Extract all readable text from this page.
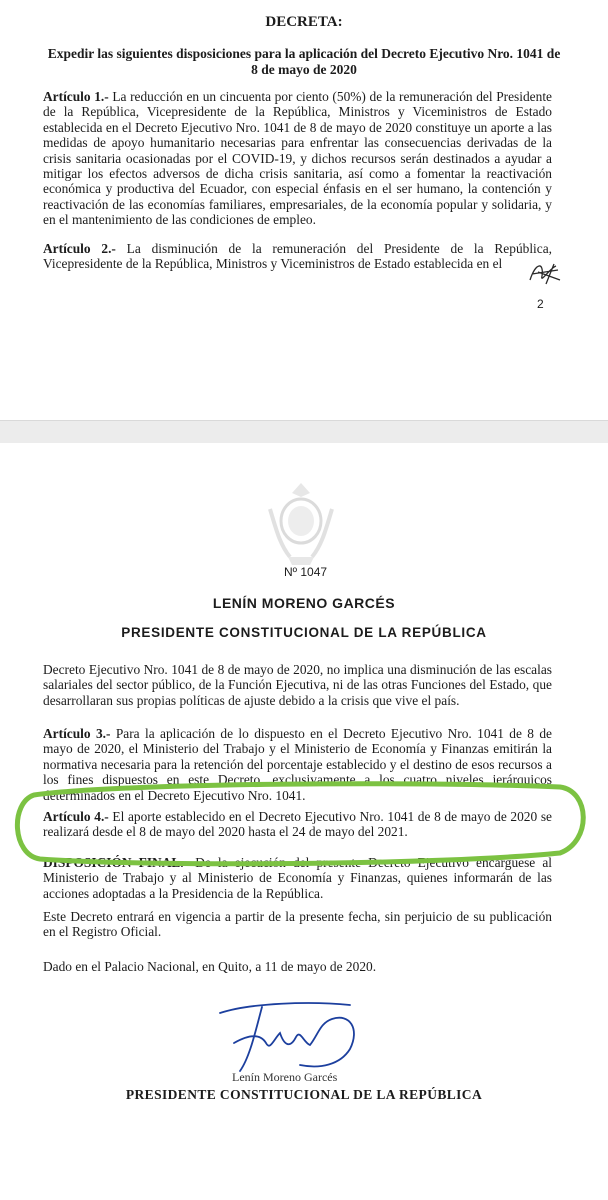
DECRETA:
Expedir las siguientes disposiciones para la aplicación del Decreto Ejecutivo Nro. 1041 de 8 de mayo de 2020
Artículo 1.- La reducción en un cincuenta por ciento (50%) de la remuneración del Presidente de la República, Vicepresidente de la República, Ministros y Viceministros de Estado establecida en el Decreto Ejecutivo Nro. 1041 de 8 de mayo de 2020 constituye un aporte a las medidas de apoyo humanitario necesarias para enfrentar las consecuencias derivadas de la crisis sanitaria ocasionadas por el COVID-19, y dichos recursos serán destinados a ayudar a mitigar los efectos adversos de dicha crisis sanitaria, así como a fomentar la reactivación económica y productiva del Ecuador, con especial énfasis en el ser humano, la contención y reactivación de las economías familiares, empresariales, de la economía popular y solidaria, y en el mantenimiento de las condiciones de empleo.
Artículo 2.- La disminución de la remuneración del Presidente de la República, Vicepresidente de la República, Ministros y Viceministros de Estado establecida en el
2
Nº 1047
LENÍN MORENO GARCÉS
PRESIDENTE CONSTITUCIONAL DE LA REPÚBLICA
Decreto Ejecutivo Nro. 1041 de 8 de mayo de 2020, no implica una disminución de las escalas salariales del sector público, de la Función Ejecutiva, ni de las otras Funciones del Estado, que desarrollaran sus propias políticas de ajuste debido a la crisis que vive el país.
Artículo 3.- Para la aplicación de lo dispuesto en el Decreto Ejecutivo Nro. 1041 de 8 de mayo de 2020, el Ministerio del Trabajo y el Ministerio de Economía y Finanzas emitirán la normativa necesaria para la retención del porcentaje establecido y el destino de esos recursos a los fines dispuestos en este Decreto, exclusivamente a los cuatro niveles jerárquicos determinados en el Decreto Ejecutivo Nro. 1041.
Artículo 4.- El aporte establecido en el Decreto Ejecutivo Nro. 1041 de 8 de mayo de 2020 se realizará desde el 8 de mayo del 2020 hasta el 24 de mayo del 2021.
DISPOSICIÓN FINAL.- De la ejecución del presente Decreto Ejecutivo encárguese al Ministerio de Trabajo y al Ministerio de Economía y Finanzas, quienes informarán de las acciones adoptadas a la Presidencia de la República.
Este Decreto entrará en vigencia a partir de la presente fecha, sin perjuicio de su publicación en el Registro Oficial.
Dado en el Palacio Nacional, en Quito, a 11 de mayo de 2020.
Lenín Moreno Garcés
PRESIDENTE CONSTITUCIONAL DE LA REPÚBLICA
